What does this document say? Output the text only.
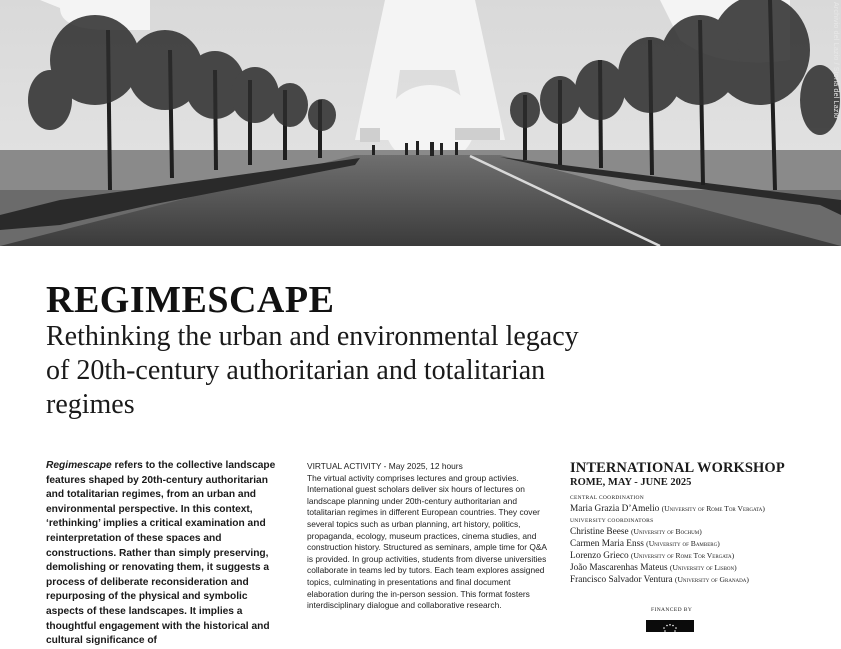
Archivio del Lazio / Storia del Lazio
REGIMESCAPE
Rethinking the urban and environmental legacy of 20th-century authoritarian and totalitarian regimes
Regimescape refers to the collective landscape features shaped by 20th-century authoritarian and totalitarian regimes, from an urban and environmental perspective. In this context, ‘rethinking’ implies a critical examination and reinterpretation of these spaces and constructions. Rather than simply preserving, demolishing or renovating them, it suggests a process of deliberate reconsideration and repurposing of the physical and symbolic aspects of these landscapes. It implies a thoughtful engagement with the historical and cultural significance of
VIRTUAL ACTIVITY - May 2025, 12 hours
The virtual activity comprises lectures and group activies. International guest scholars deliver six hours of lectures on landscape planning under 20th-century authoritarian and totalitarian regimes in different European countries. They cover several topics such as urban planning, art history, politics, propaganda, ecology, museum practices, cinema studies, and construction history. Structured as seminars, ample time for Q&A is provided. In group activities, students from diverse universities collaborate in teams led by tutors. Each team explores assigned topics, culminating in presentations and final document elaboration during the in-person session. This format fosters interdisciplinary dialogue and collaborative research.
INTERNATIONAL WORKSHOP
ROME, MAY - JUNE 2025
CENTRAL COORDINATION
Maria Grazia D’Amelio (University of Rome Tor Vergata)
UNIVERSITY COORDINATORS
Christine Beese (University of Bochum)
Carmen Maria Enss (University of Bamberg)
Lorenzo Grieco (University of Rome Tor Vergata)
João Mascarenhas Mateus (University of Lisbon)
Francisco Salvador Ventura (University of Granada)
FINANCED BY
